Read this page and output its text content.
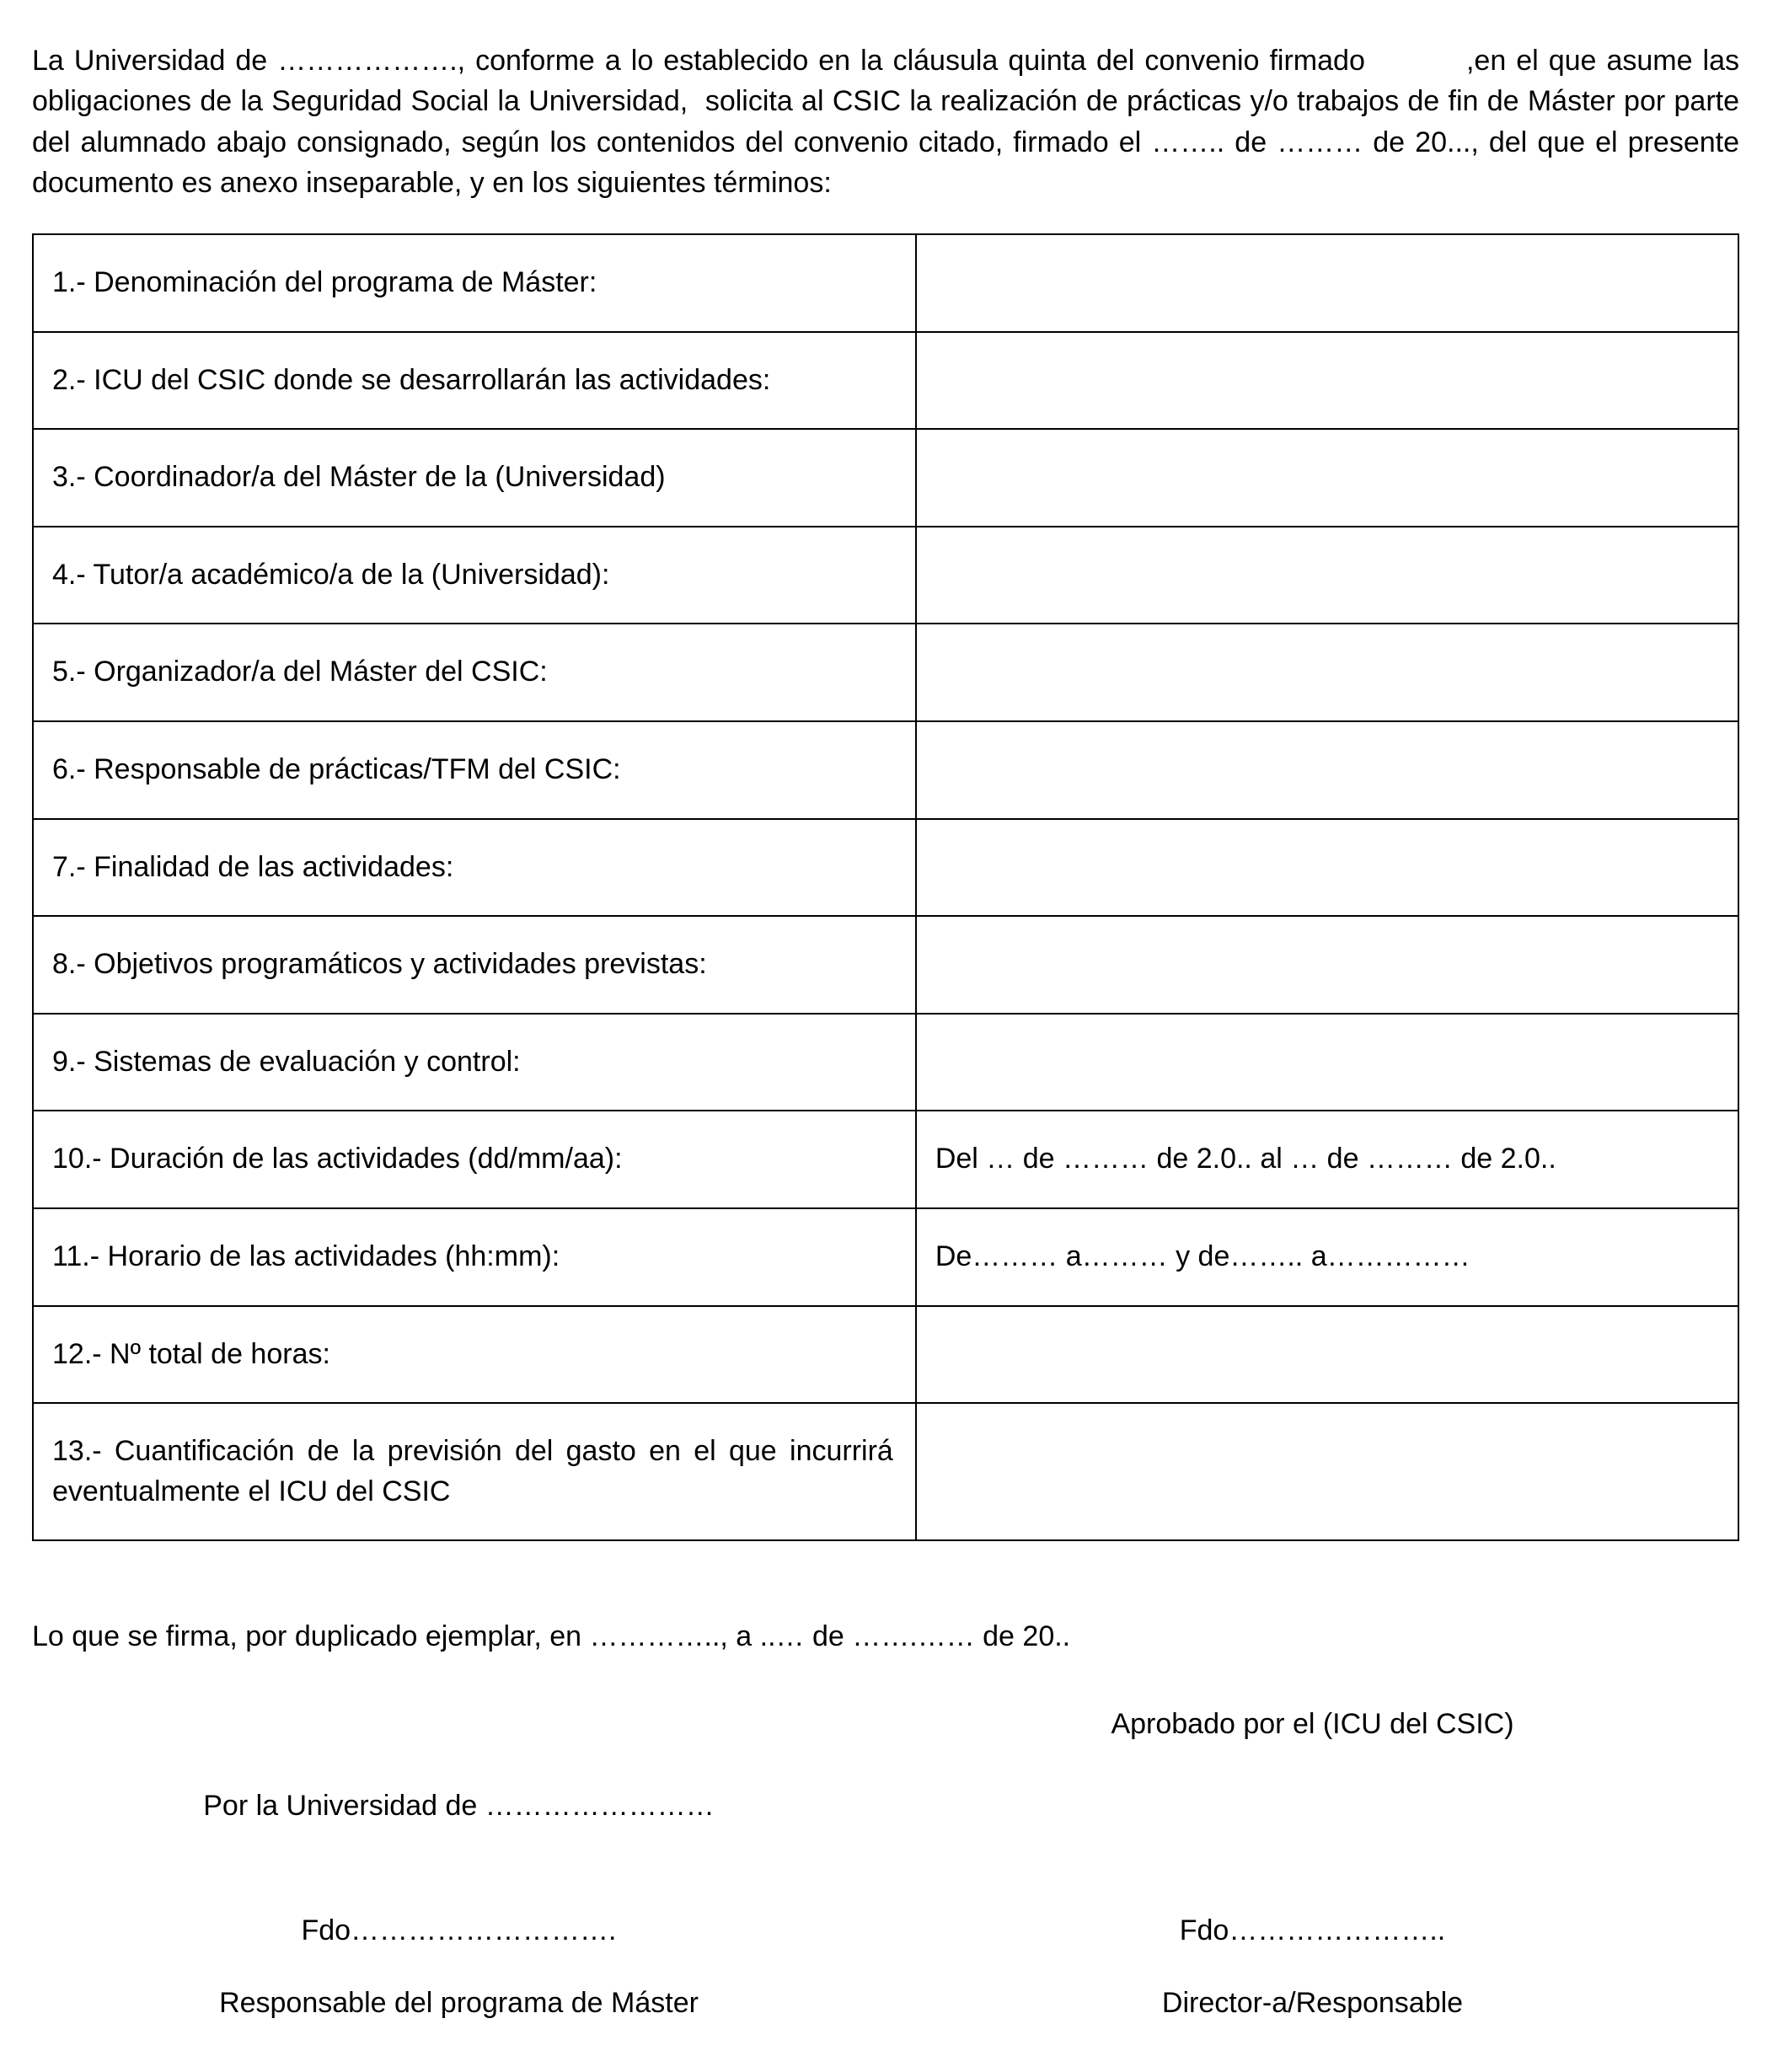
La Universidad de ………………., conforme a lo establecido en la cláusula quinta del convenio firmado          ,en el que asume las obligaciones de la Seguridad Social la Universidad,  solicita al CSIC la realización de prácticas y/o trabajos de fin de Máster por parte del alumnado abajo consignado, según los contenidos del convenio citado, firmado el …….. de ……… de 20..., del que el presente documento es anexo inseparable, y en los siguientes términos:

1.- Denominación del programa de Máster:	
2.- ICU del CSIC donde se desarrollarán las actividades:	
3.- Coordinador/a del Máster de la (Universidad)	
4.- Tutor/a académico/a de la (Universidad):	
5.- Organizador/a del Máster del CSIC:	
6.- Responsable de prácticas/TFM del CSIC:	
7.- Finalidad de las actividades:	
8.- Objetivos programáticos y actividades previstas:	
9.- Sistemas de evaluación y control:	
10.- Duración de las actividades (dd/mm/aa):	Del … de ……… de 2.0.. al … de ……… de 2.0..
11.- Horario de las actividades (hh:mm):	De……… a……… y de…….. a……………
12.- Nº total de horas:	
13.- Cuantificación de la previsión del gasto en el que incurrirá eventualmente el ICU del CSIC	

Lo que se firma, por duplicado ejemplar, en ………….., a ..… de …….…… de 20..

Aprobado por el (ICU del CSIC)
Por la Universidad de ……………………
Fdo……………………….	Fdo…………………..
Responsable del programa de Máster	Director-a/Responsable
